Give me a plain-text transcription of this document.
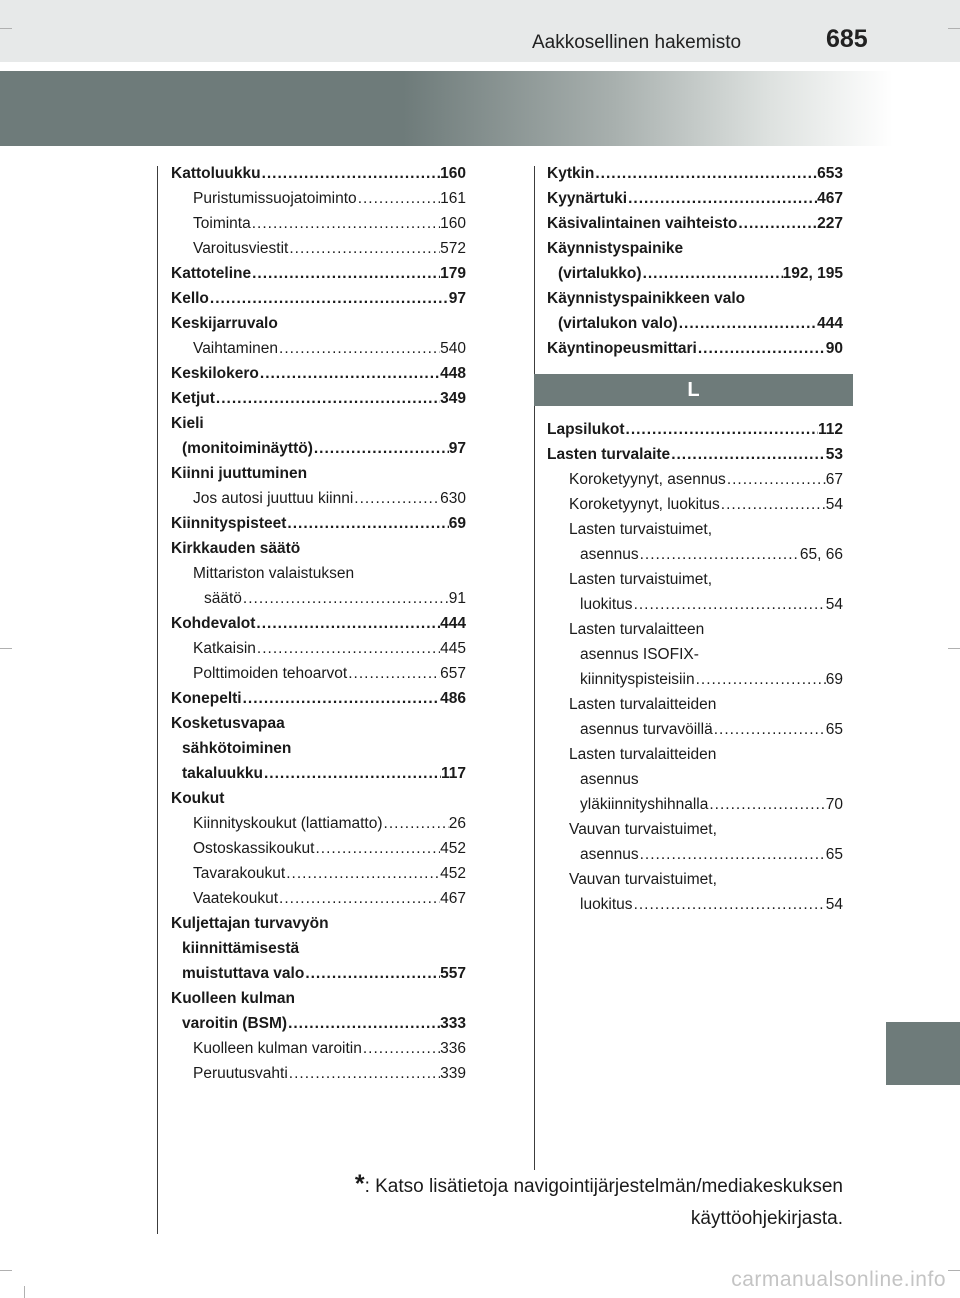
Aakkosellinen hakemisto	685
Kattoluukku .....	160
Puristumissuojatoiminto .....	161
Toiminta .....	160
Varoitusviestit .....	572
Kattoteline .....	179
Kello .....	97
Keskijarruvalo
Vaihtaminen .....	540
Keskilokero .....	448
Ketjut .....	349
Kieli
(monitoiminäyttö) .....	97
Kiinni juuttuminen
Jos autosi juuttuu kiinni .....	630
Kiinnityspisteet .....	69
Kirkkauden säätö
Mittariston valaistuksen
säätö .....	91
Kohdevalot .....	444
Katkaisin .....	445
Polttimoiden tehoarvot .....	657
Konepelti .....	486
Kosketusvapaa
sähkötoiminen
takaluukku .....	117
Koukut
Kiinnityskoukut (lattiamatto) .....	26
Ostoskassikoukut .....	452
Tavarakoukut .....	452
Vaatekoukut .....	467
Kuljettajan turvavyön
kiinnittämisestä
muistuttava valo .....	557
Kuolleen kulman
varoitin (BSM) .....	333
Kuolleen kulman varoitin .....	336
Peruutusvahti .....	339
Kytkin .....	653
Kyynärtuki .....	467
Käsivalintainen vaihteisto .....	227
Käynnistyspainike
(virtalukko) .....	192, 195
Käynnistyspainikkeen valo
(virtalukon valo) .....	444
Käyntinopeusmittari .....	90
L
Lapsilukot .....	112
Lasten turvalaite .....	53
Koroketyynyt, asennus .....	67
Koroketyynyt, luokitus .....	54
Lasten turvaistuimet,
asennus .....	65, 66
Lasten turvaistuimet,
luokitus .....	54
Lasten turvalaitteen
asennus ISOFIX-
kiinnityspisteisiin .....	69
Lasten turvalaitteiden
asennus turvavöillä .....	65
Lasten turvalaitteiden
asennus
yläkiinnityshihnalla .....	70
Vauvan turvaistuimet,
asennus .....	65
Vauvan turvaistuimet,
luokitus .....	54
*: Katso lisätietoja navigointijärjestelmän/mediakeskuksen
käyttöohjekirjasta.
carmanualsonline.info
